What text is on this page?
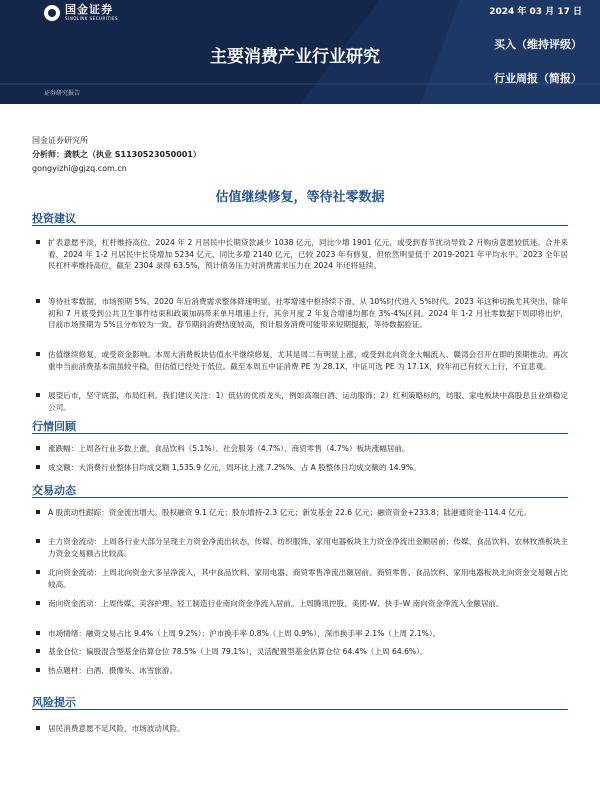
国金证券
SINOLINK SECURITIES
2024 年 03 月 17 日
主要消费产业行业研究
买入（维持评级）
行业周报（简报）
证券研究报告
国金证券研究所
分析师：龚轶之（执业 S1130523050001）
gongyizhi@gjzq.com.cn
估值继续修复，等待社零数据
投资建议
扩表意愿平淡，杠杆维持高位。2024 年 2 月居民中长期贷款减少 1038 亿元，同比少增 1901 亿元，或受到春节扰动导致 2 月购房意愿较低迷。合并来看，2024 年 1-2 月居民中长贷增加 5234 亿元，同比多增 2140 亿元，已较 2023 年有修复，但依然明显低于 2019-2021 年平均水平。2023 全年居民杠杆率维持高位，截至 2304 录得 63.5%，预计债务压力对消费需求压力在 2024 年还将延续。
等待社零数据，市场预期 5%。2020 年后消费需求整体降速明显，社零增速中枢持续下滑，从 10%时代进入 5%时代。2023 年这种切换尤其突出，除年初和 7 月底受到公共卫生事件结束和政策加码带来单月增速上行，其余月度 2 年复合增速均都在 3%-4%区间。2024 年 1-2 月社零数据下周即将出炉，目前市场预期为 5%且分布较为一致。春节期间消费热度较高，预计服务消费可能带来短期提振，等待数据验证。
估值继续修复，或受资金影响。本周大消费板块估值水平继续修复，尤其是周二有明显上涨，或受到北向资金大幅流入、赣湾会召开在即的预期推动。再次重申当前消费基本面虽较平稳，但估值已经处于低位。截至本周五中证消费 PE 为 28.1X，中证可选 PE 为 17.1X，较年初已有较大上行，不宜悲观。
展望后市，坚守底部，布局红利。我们建议关注：1）低估的优质龙头，例如高端白酒、运动服饰；2）红利策略标的，纺服、家电板块中高股息且业绩稳定公司。
行情回顾
涨跌幅：上周各行业多数上涨，食品饮料（5.1%）、社会服务（4.7%）、商贸零售（4.7%）板块涨幅居前。
成交额：大消费行业整体日均成交额 1,535.9 亿元，周环比上涨 7.2%%。占 A 股整体日均成交额的 14.9%。
交易动态
A 股流动性跟踪：资金流出增大。股权融资 9.1 亿元；股东增持-2.3 亿元；新发基金 22.6 亿元；融资资金+233.8；陆港通资金-114.4 亿元。
主力资金流动：上周各行业大部分呈现主力资金净流出状态，传媒、纺织服饰、家用电器板块主力资金净流出金额居前；传媒、食品饮料、农林牧渔板块主力资金交易额占比较高。
北向资金流动：上周北向资金大多呈净流入，其中食品饮料、家用电器、商贸零售净流出额居前。商贸零售、食品饮料、家用电器板块北向资金交易额占比较高。
南向资金流动：上周传媒、美容护理、轻工制造行业南向资金净流入居前。上周腾讯控股、美团-W、快手-W 南向资金净流入金额居前。
市场情绪：融资交易占比 9.4%（上周 9.2%）；沪市换手率 0.8%（上周 0.9%），深市换手率 2.1%（上周 2.1%）。
基金仓位：偏股混合型基金估算仓位 78.5%（上周 79.1%），灵活配置型基金估算仓位 64.4%（上周 64.6%）。
热点题材：白酒、摄像头、冰雪旅游。
风险提示
居民消费意愿不足风险、市场波动风险。
